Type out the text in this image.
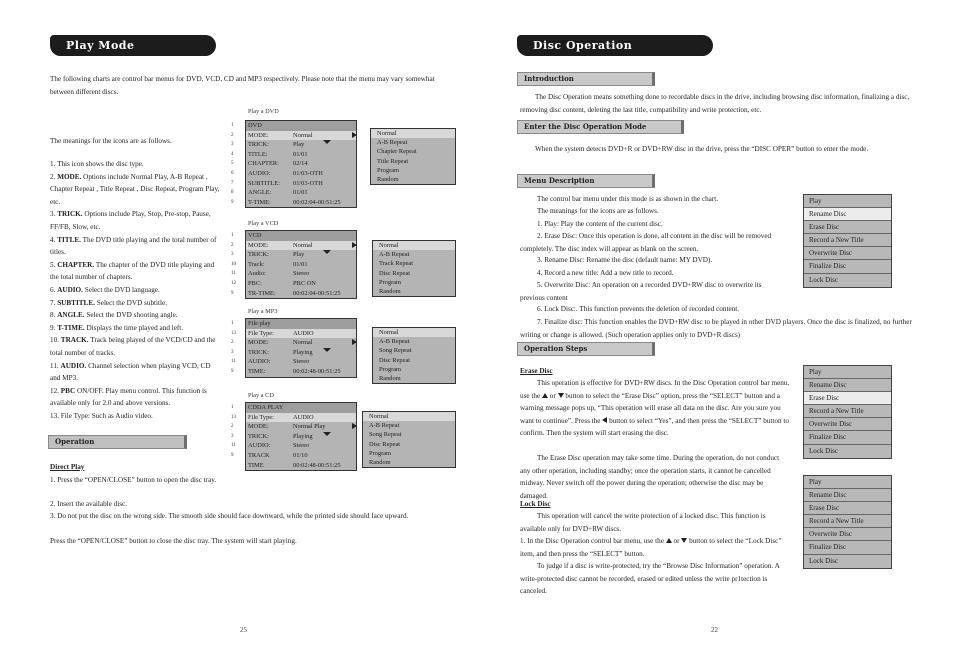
Play Mode
The following charts are control bar menus for DVD, VCD, CD and MP3 respectively. Please note that the menu may vary somewhat between different discs.
The meanings for the icons are as follows.
1. This icon shows the disc type.
2. MODE. Options include Normal Play, A-B Repeat , Chapter Repeat , Title Repeat , Disc Repeat, Program Play, etc.
3. TRICK. Options include Play, Stop, Pre-stop, Pause, FF/FB, Slow, etc.
4. TITLE. The DVD title playing and the total number of titles.
5. CHAPTER. The chapter of the DVD title playing and the total number of chapters.
6. AUDIO. Select the DVD language.
7. SUBTITLE. Select the DVD subtitle.
8. ANGLE. Select the DVD shooting angle.
9. T-TIME. Displays the time played and left.
10. TRACK. Track being played of the VCD/CD and the total number of tracks.
11. AUDIO. Channel selection when playing VCD, CD and MP3.
12. PBC ON/OFF. Play menu control. This function is available only for 2.0 and above versions.
13. File Type: Such as Audio video.
Operation
Direct Play
1. Press the “OPEN/CLOSE” button to open the disc tray.
2. Insert the available disc.
3. Do not put the disc on the wrong side. The smooth side should face downward, while the printed side should face upward.
Press the “OPEN/CLOSE” button to close the disc tray. The system will start playing.
25
Play a DVD
DVD
MODE:	Normal
TRICK:	Play
TITLE:	01/01
CHAPTER: 02/14
AUDIO:	01/03-OTH
SUBTITLE: 01/03-OTH
ANGLE:	01/01
T-TIME:	00:02:04-00:51:25
1
2
3
4
5
6
7
8
9
Normal
A-B Repeat
Chapter Repeat
Title Repeat
Program
Random
Play a VCD
VCD
MODE:	Normal
TRICK:	Play
Track:	01/01
Audio:	Stereo
PBC:	PBC ON
TR-TIME:	00:02:04-00:51:25
1
2
3
10
11
12
9
Normal
A-B Repeat
Track Repeat
Disc Repeat
Program
Random
Play a MP3
File play
File Type:	AUDIO
MODE:	Normal
TRICK:	Playing
AUDIO:	Stereo
TIME:	00:02:48-00:51:25
1
13
2
3
11
9
Normal
A-B Repeat
Song Repeat
Disc Repeat
Program
Random
Play a CD
CDDA PLAY
File Type:	AUDIO
MODE:	Normal Play
TRICK:	Playing
AUDIO:	Stereo
TRACK	01/10
TIME	00:02:48-00:51:25
1
13
2
3
11
9
Normal
A-B Repeat
Song Repeat
Disc Repeat
Program
Random
Disc Operation
Introduction
The Disc Operation means something done to recordable discs in the drive, including browsing disc information, finalizing a disc, removing disc content, deleting the last title, compatibility and write protection, etc.
Enter the Disc Operation Mode
When the system detects DVD+R or DVD+RW disc in the drive, press the “DISC OPER” button to enter the mode.
Menu Description
The control bar menu under this mode is as shown in the chart.
The meanings for the icons are as follows.
1. Play: Play the content of the current disc.
2. Erase Disc: Once this operation is done, all content in the disc will be removed completely. The disc index will appear as blank on the screen.
3. Rename Disc: Rename the disc (default name: MY DVD).
4. Record a new title: Add a new title to record.
5. Overwrite Disc: An operation on a recorded DVD+RW disc to overwrite its previous content
6. Lock Disc:. This function prevents the deletion of recorded content.
7. Finalize disc: This function enables the DVD+RW disc to be played in other DVD players. Once the disc is finalized, no further writing or change is allowed. (Such operation applies only to DVD+R discs)
Operation Steps
Erase Disc
This operation is effective for DVD+RW discs. In the Disc Operation control bar menu, use the or button to select the “Erase Disc” option, press the “SELECT” button and a warning message pops up, “This operation will erase all data on the disc. Are you sure you want to continue”. Press the button to select “Yes”, and then press the “SELECT” button to confirm. Then the system will start erasing the disc.
The Erase Disc operation may take some time. During the operation, do not conduct any other operation, including standby; once the operation starts, it cannot be cancelled midway. Never switch off the power during the operation; otherwise the disc may be damaged.
Lock Disc
This operation will cancel the write protection of a locked disc. This function is available only for DVD+RW discs.
1. In the Disc Operation control bar menu, use the or button to select the “Lock Disc” item, and then press the “SELECT” button.
To judge if a disc is write-protected, try the “Browse Disc Information” operation. A write-protected disc cannot be recorded, erased or edited unless the write pr1tection is canceled.
22
Play
Rename Disc
Erase Disc
Record a New Title
Overwrite Disc
Finalize Disc
Lock Disc
Play
Rename Disc
Erase Disc
Record a New Title
Overwrite Disc
Finalize Disc
Lock Disc
Play
Rename Disc
Erase Disc
Record a New Title
Overwrite Disc
Finalize Disc
Lock Disc
